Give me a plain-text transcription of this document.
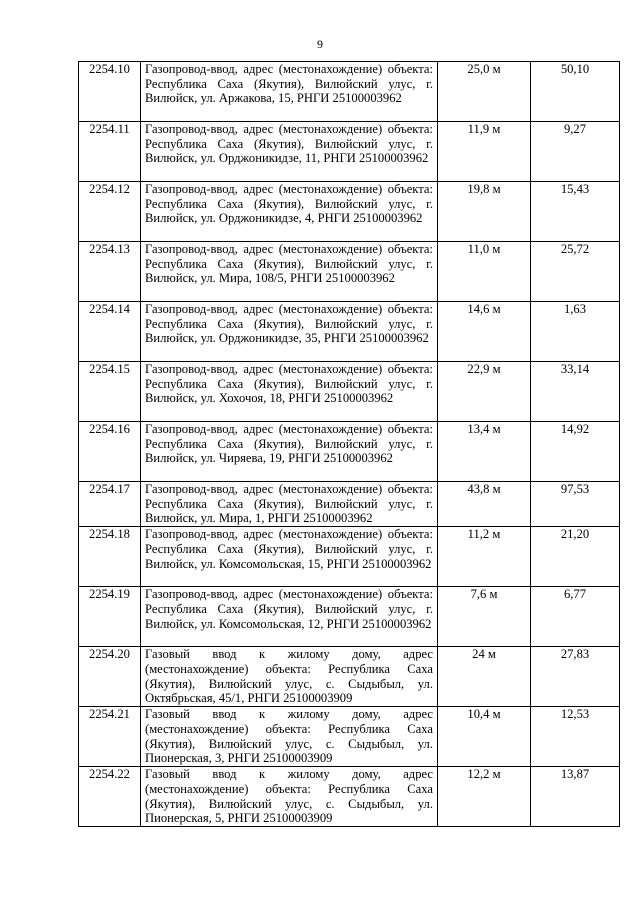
9
2254.10	Газопровод-ввод, адрес (местонахождение) объекта: Республика Саха (Якутия), Вилюйский улус, г. Вилюйск, ул. Аржакова, 15, РНГИ 25100003962	25,0 м	50,10
2254.11	Газопровод-ввод, адрес (местонахождение) объекта: Республика Саха (Якутия), Вилюйский улус, г. Вилюйск, ул. Орджоникидзе, 11, РНГИ 25100003962	11,9 м	9,27
2254.12	Газопровод-ввод, адрес (местонахождение) объекта: Республика Саха (Якутия), Вилюйский улус, г. Вилюйск, ул. Орджоникидзе, 4, РНГИ 25100003962	19,8 м	15,43
2254.13	Газопровод-ввод, адрес (местонахождение) объекта: Республика Саха (Якутия), Вилюйский улус, г. Вилюйск, ул. Мира, 108/5, РНГИ 25100003962	11,0 м	25,72
2254.14	Газопровод-ввод, адрес (местонахождение) объекта: Республика Саха (Якутия), Вилюйский улус, г. Вилюйск, ул. Орджоникидзе, 35, РНГИ 25100003962	14,6 м	1,63
2254.15	Газопровод-ввод, адрес (местонахождение) объекта: Республика Саха (Якутия), Вилюйский улус, г. Вилюйск, ул. Хохочоя, 18, РНГИ 25100003962	22,9 м	33,14
2254.16	Газопровод-ввод, адрес (местонахождение) объекта: Республика Саха (Якутия), Вилюйский улус, г. Вилюйск, ул. Чиряева, 19, РНГИ 25100003962	13,4 м	14,92
2254.17	Газопровод-ввод, адрес (местонахождение) объекта: Республика Саха (Якутия), Вилюйский улус, г. Вилюйск, ул. Мира, 1, РНГИ 25100003962	43,8 м	97,53
2254.18	Газопровод-ввод, адрес (местонахождение) объекта: Республика Саха (Якутия), Вилюйский улус, г. Вилюйск, ул. Комсомольская, 15, РНГИ 25100003962	11,2 м	21,20
2254.19	Газопровод-ввод, адрес (местонахождение) объекта: Республика Саха (Якутия), Вилюйский улус, г. Вилюйск, ул. Комсомольская, 12, РНГИ 25100003962	7,6 м	6,77
2254.20	Газовый ввод к жилому дому, адрес (местонахождение) объекта: Республика Саха (Якутия), Вилюйский улус, с. Сыдыбыл, ул. Октябрьская, 45/1, РНГИ 25100003909	24 м	27,83
2254.21	Газовый ввод к жилому дому, адрес (местонахождение) объекта: Республика Саха (Якутия), Вилюйский улус, с. Сыдыбыл, ул. Пионерская, 3, РНГИ 25100003909	10,4 м	12,53
2254.22	Газовый ввод к жилому дому, адрес (местонахождение) объекта: Республика Саха (Якутия), Вилюйский улус, с. Сыдыбыл, ул. Пионерская, 5, РНГИ 25100003909	12,2 м	13,87
